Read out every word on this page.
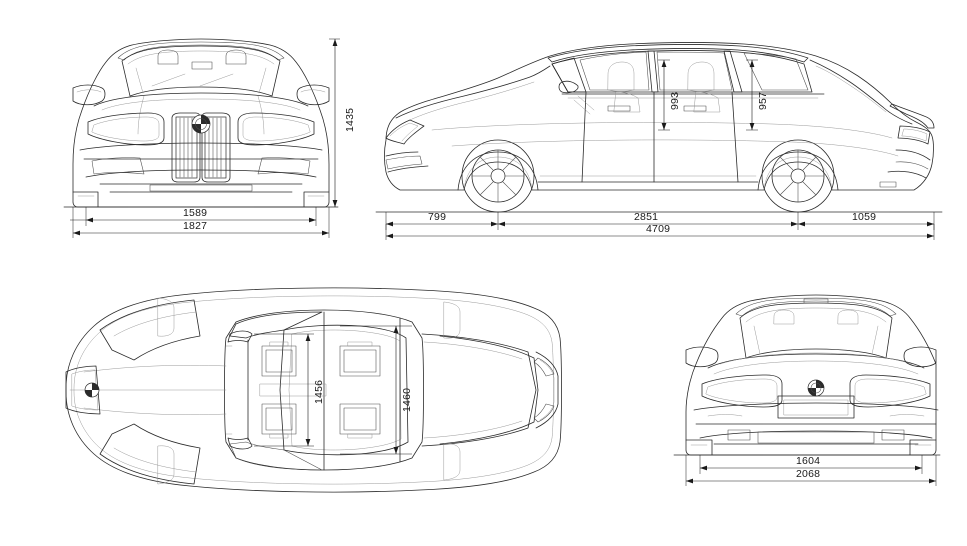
1435
1589
1827
993	957
799	2851	1059
4709
1456	1460
1604
2068
